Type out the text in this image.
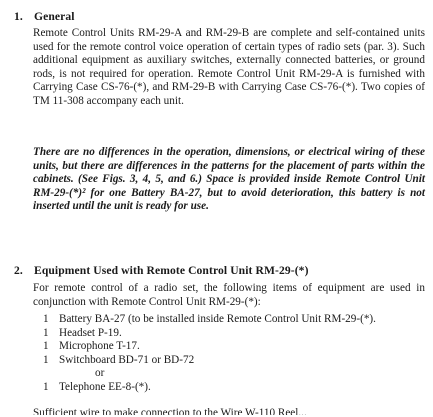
1. General
Remote Control Units RM-29-A and RM-29-B are complete and self-contained units used for the remote control voice operation of certain types of radio sets (par. 3). Such additional equipment as auxiliary switches, externally connected batteries, or ground rods, is not required for operation. Remote Control Unit RM-29-A is furnished with Carrying Case CS-76-(*), and RM-29-B with Carrying Case CS-76-(*). Two copies of TM 11-308 accompany each unit.
There are no differences in the operation, dimensions, or electrical wiring of these units, but there are differences in the patterns for the placement of parts within the cabinets. (See Figs. 3, 4, 5, and 6.) Space is provided inside Remote Control Unit RM-29-(*)² for one Battery BA-27, but to avoid deterioration, this battery is not inserted until the unit is ready for use.
2. Equipment Used with Remote Control Unit RM-29-(*)
For remote control of a radio set, the following items of equipment are used in conjunction with Remote Control Unit RM-29-(*):
1 Battery BA-27 (to be installed inside Remote Control Unit RM-29-(*).
1 Headset P-19.
1 Microphone T-17.
1 Switchboard BD-71 or BD-72
or
1 Telephone EE-8-(*).
Sufficient wire to make connection to the Wire W-110 Reel...
